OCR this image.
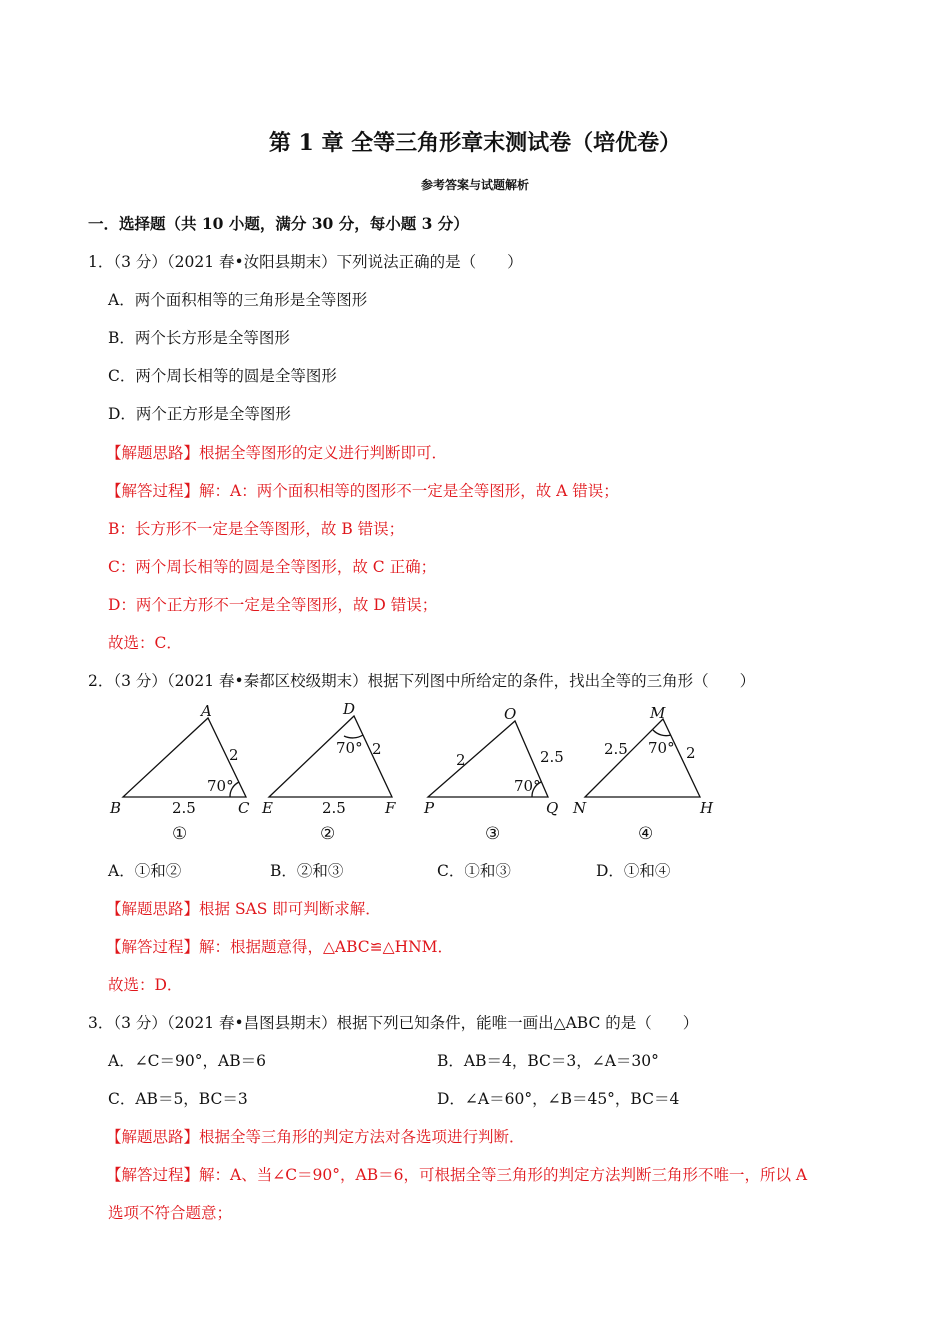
第 1 章 全等三角形章末测试卷（培优卷）
参考答案与试题解析
一．选择题（共 10 小题，满分 30 分，每小题 3 分）
1．（3 分）（2021 春•汝阳县期末）下列说法正确的是（　　）
A．两个面积相等的三角形是全等图形
B．两个长方形是全等图形
C．两个周长相等的圆是全等图形
D．两个正方形是全等图形
【解题思路】根据全等图形的定义进行判断即可．
【解答过程】解：A：两个面积相等的图形不一定是全等图形，故 A 错误；
B：长方形不一定是全等图形，故 B 错误；
C：两个周长相等的圆是全等图形，故 C 正确；
D：两个正方形不一定是全等图形，故 D 错误；
故选：C．
2．（3 分）（2021 春•秦都区校级期末）根据下列图中所给定的条件，找出全等的三角形（　　）
A
B	C
2
2.5
70°
①
D
E	F
2
2.5
70°
②
O
P	Q
2	2.5
70°
③
M
N	H
2.5	2
70°
④
A．①和②	B．②和③	C．①和③	D．①和④
【解题思路】根据 SAS 即可判断求解．
【解答过程】解：根据题意得，△ABC≌△HNM．
故选：D．
3．（3 分）（2021 春•昌图县期末）根据下列已知条件，能唯一画出△ABC 的是（　　）
A．∠C＝90°，AB＝6	B．AB＝4，BC＝3，∠A＝30°
C．AB＝5，BC＝3	D．∠A＝60°，∠B＝45°，BC＝4
【解题思路】根据全等三角形的判定方法对各选项进行判断．
【解答过程】解：A、当∠C＝90°，AB＝6，可根据全等三角形的判定方法判断三角形不唯一，所以 A
选项不符合题意；
